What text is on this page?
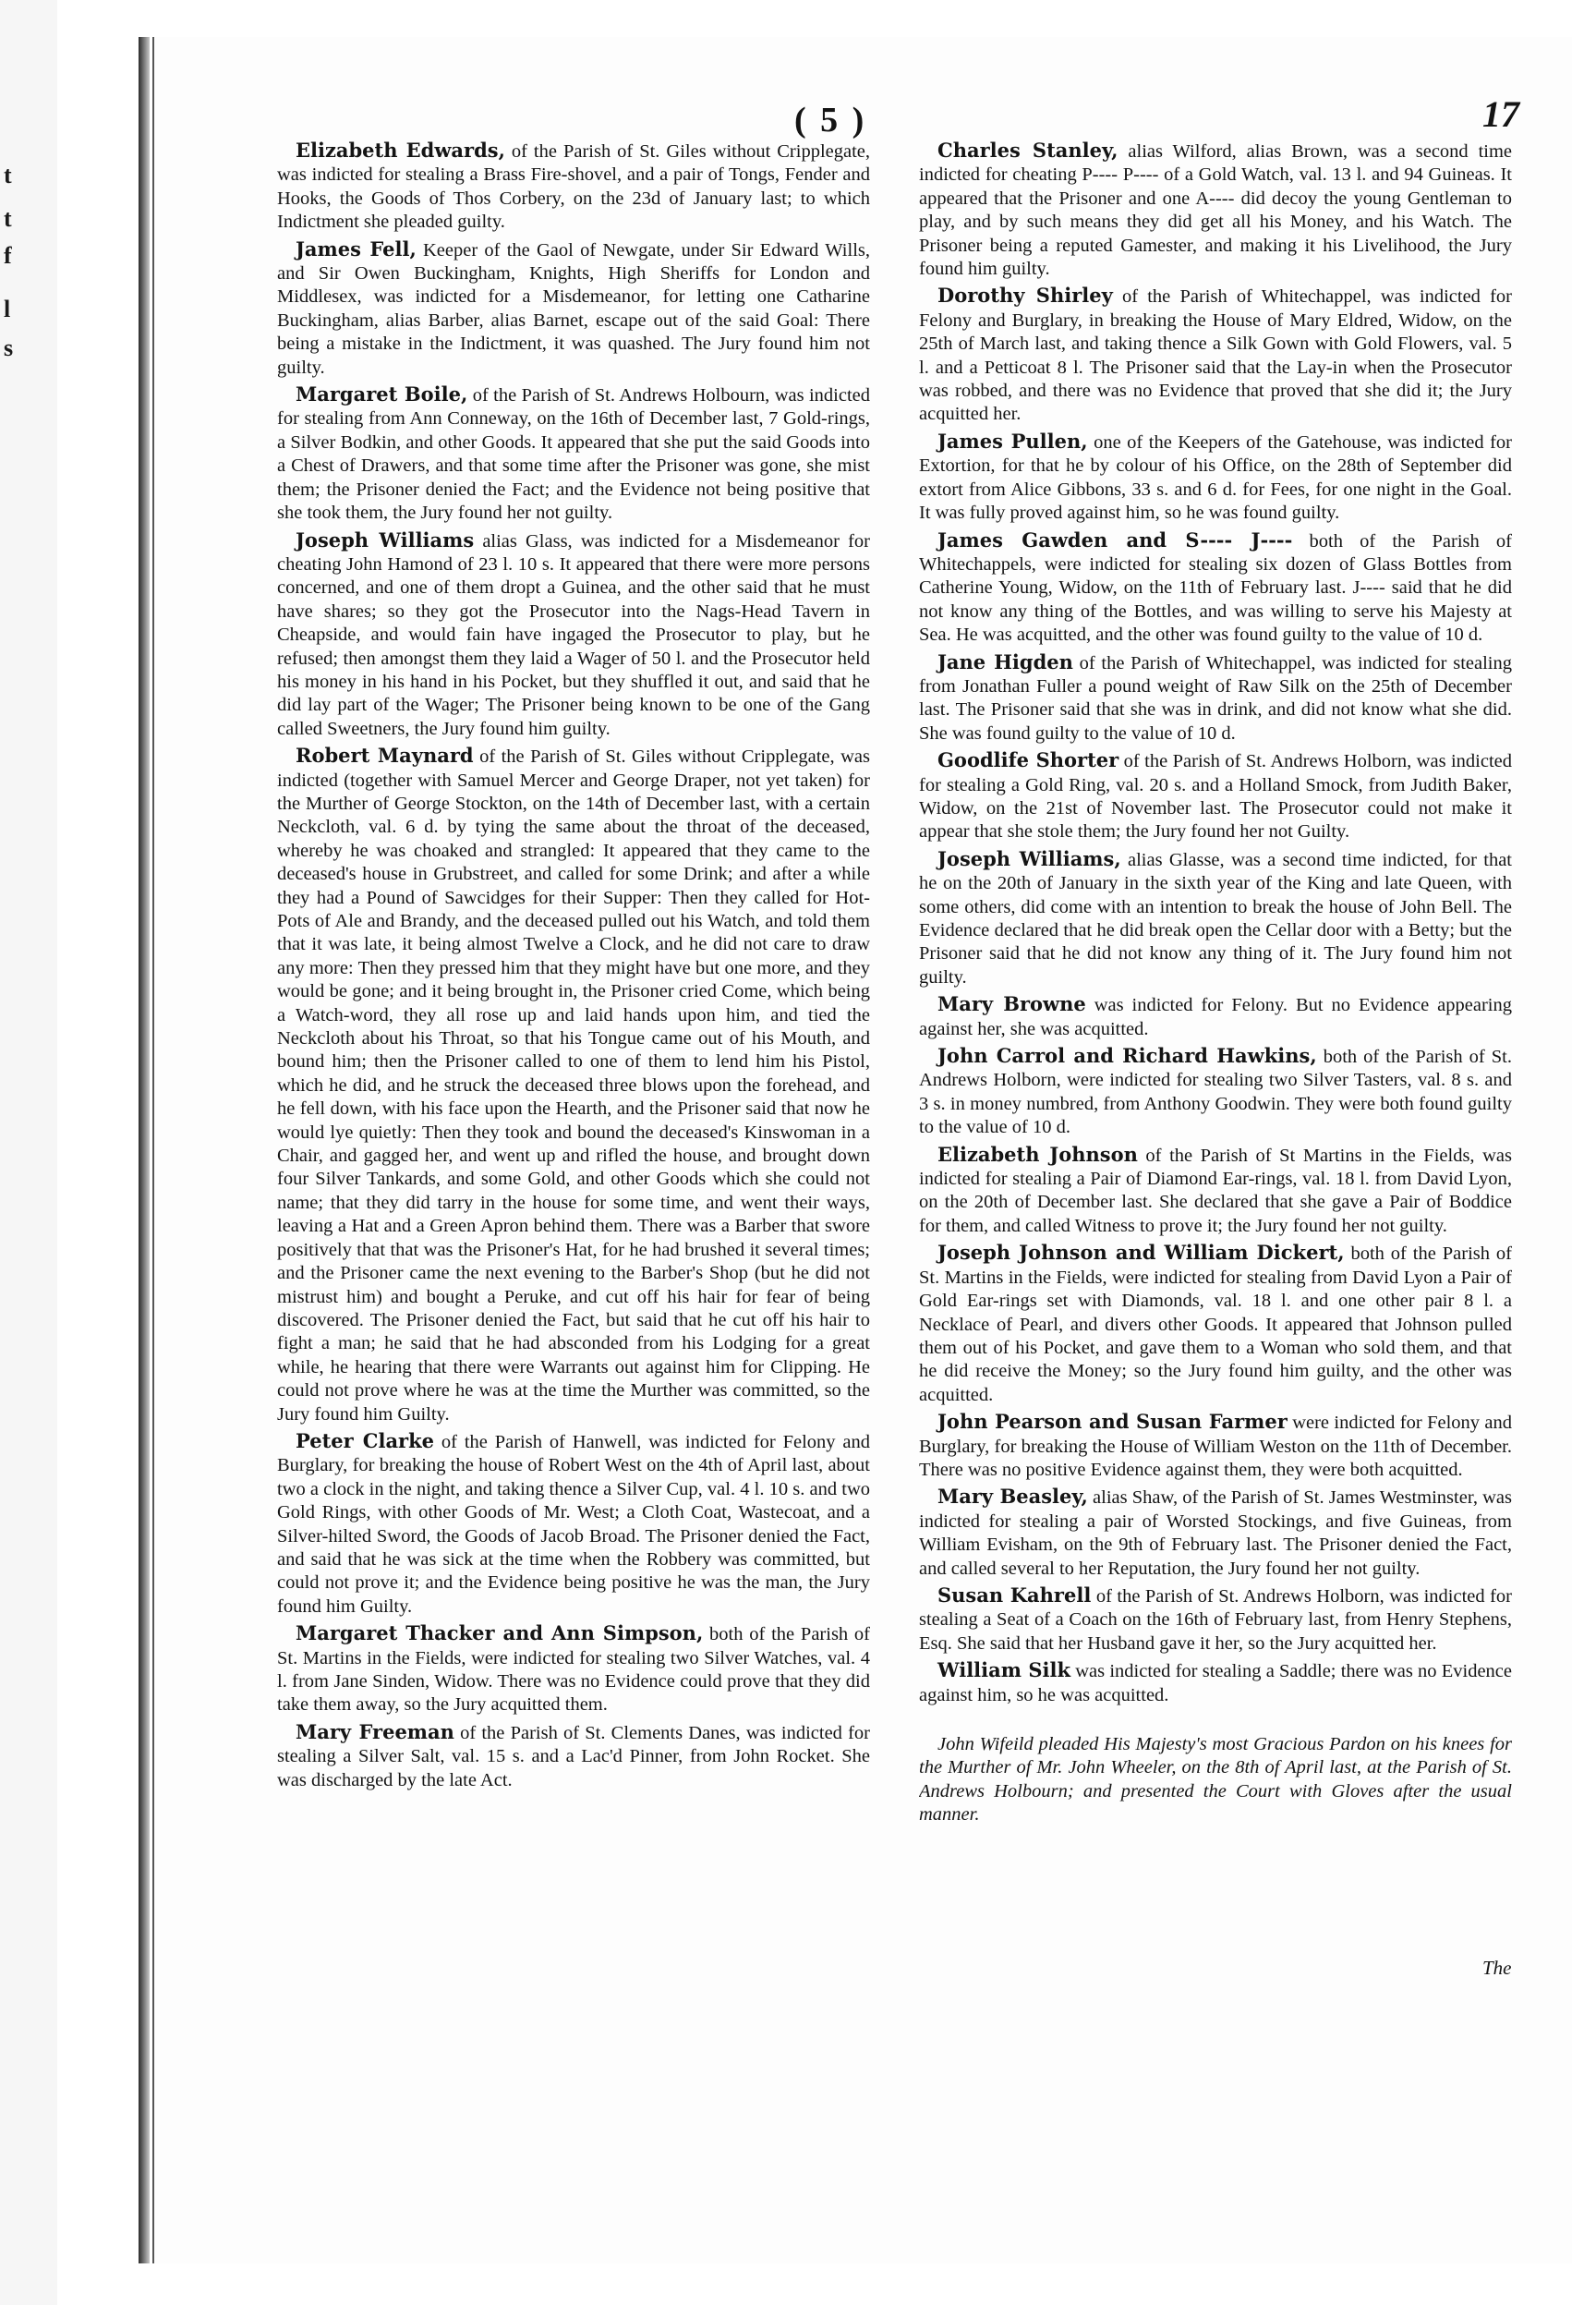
t
t
f
l
s
( 5 )	17

Elizabeth Edwards, of the Parish of St. Giles without Cripplegate, was indicted for stealing a Brass Fire-shovel, and a pair of Tongs, Fender and Hooks, the Goods of Thos Corbery, on the 23d of January last; to which Indictment she pleaded guilty.

James Fell, Keeper of the Gaol of Newgate, under Sir Edward Wills, and Sir Owen Buckingham, Knights, High Sheriffs for London and Middlesex, was indicted for a Misdemeanor, for letting one Catharine Buckingham, alias Barber, alias Barnet, escape out of the said Goal: There being a mistake in the Indictment, it was quashed. The Jury found him not guilty.

Margaret Boile, of the Parish of St. Andrews Holbourn, was indicted for stealing from Ann Conneway, on the 16th of December last, 7 Gold-rings, a Silver Bodkin, and other Goods. It appeared that she put the said Goods into a Chest of Drawers, and that some time after the Prisoner was gone, she mist them; the Prisoner denied the Fact; and the Evidence not being positive that she took them, the Jury found her not guilty.

Joseph Williams alias Glass, was indicted for a Misdemeanor for cheating John Hamond of 23 l. 10 s. It appeared that there were more persons concerned, and one of them dropt a Guinea, and the other said that he must have shares; so they got the Prosecutor into the Nags-Head Tavern in Cheapside, and would fain have ingaged the Prosecutor to play, but he refused; then amongst them they laid a Wager of 50 l. and the Prosecutor held his money in his hand in his Pocket, but they shuffled it out, and said that he did lay part of the Wager; The Prisoner being known to be one of the Gang called Sweetners, the Jury found him guilty.

Robert Maynard of the Parish of St. Giles without Cripplegate, was indicted (together with Samuel Mercer and George Draper, not yet taken) for the Murther of George Stockton, on the 14th of December last, with a certain Neckcloth, val. 6 d. by tying the same about the throat of the deceased, whereby he was choaked and strangled: It appeared that they came to the deceased's house in Grubstreet, and called for some Drink; and after a while they had a Pound of Sawcidges for their Supper: Then they called for Hot-Pots of Ale and Brandy, and the deceased pulled out his Watch, and told them that it was late, it being almost Twelve a Clock, and he did not care to draw any more: Then they pressed him that they might have but one more, and they would be gone; and it being brought in, the Prisoner cried Come, which being a Watch-word, they all rose up and laid hands upon him, and tied the Neckcloth about his Throat, so that his Tongue came out of his Mouth, and bound him; then the Prisoner called to one of them to lend him his Pistol, which he did, and he struck the deceased three blows upon the forehead, and he fell down, with his face upon the Hearth, and the Prisoner said that now he would lye quietly: Then they took and bound the deceased's Kinswoman in a Chair, and gagged her, and went up and rifled the house, and brought down four Silver Tankards, and some Gold, and other Goods which she could not name; that they did tarry in the house for some time, and went their ways, leaving a Hat and a Green Apron behind them. There was a Barber that swore positively that that was the Prisoner's Hat, for he had brushed it several times; and the Prisoner came the next evening to the Barber's Shop (but he did not mistrust him) and bought a Peruke, and cut off his hair for fear of being discovered. The Prisoner denied the Fact, but said that he cut off his hair to fight a man; he said that he had absconded from his Lodging for a great while, he hearing that there were Warrants out against him for Clipping. He could not prove where he was at the time the Murther was committed, so the Jury found him Guilty.

Peter Clarke of the Parish of Hanwell, was indicted for Felony and Burglary, for breaking the house of Robert West on the 4th of April last, about two a clock in the night, and taking thence a Silver Cup, val. 4 l. 10 s. and two Gold Rings, with other Goods of Mr. West; a Cloth Coat, Wastecoat, and a Silver-hilted Sword, the Goods of Jacob Broad. The Prisoner denied the Fact, and said that he was sick at the time when the Robbery was committed, but could not prove it; and the Evidence being positive he was the man, the Jury found him Guilty.

Margaret Thacker and Ann Simpson, both of the Parish of St. Martins in the Fields, were indicted for stealing two Silver Watches, val. 4 l. from Jane Sinden, Widow. There was no Evidence could prove that they did take them away, so the Jury acquitted them.

Mary Freeman of the Parish of St. Clements Danes, was indicted for stealing a Silver Salt, val. 15 s. and a Lac'd Pinner, from John Rocket. She was discharged by the late Act.

Charles Stanley, alias Wilford, alias Brown, was a second time indicted for cheating P---- P---- of a Gold Watch, val. 13 l. and 94 Guineas. It appeared that the Prisoner and one A---- did decoy the young Gentleman to play, and by such means they did get all his Money, and his Watch. The Prisoner being a reputed Gamester, and making it his Livelihood, the Jury found him guilty.

Dorothy Shirley of the Parish of Whitechappel, was indicted for Felony and Burglary, in breaking the House of Mary Eldred, Widow, on the 25th of March last, and taking thence a Silk Gown with Gold Flowers, val. 5 l. and a Petticoat 8 l. The Prisoner said that the Lay-in when the Prosecutor was robbed, and there was no Evidence that proved that she did it; the Jury acquitted her.

James Pullen, one of the Keepers of the Gatehouse, was indicted for Extortion, for that he by colour of his Office, on the 28th of September did extort from Alice Gibbons, 33 s. and 6 d. for Fees, for one night in the Goal. It was fully proved against him, so he was found guilty.

James Gawden and S---- J---- both of the Parish of Whitechappels, were indicted for stealing six dozen of Glass Bottles from Catherine Young, Widow, on the 11th of February last. J---- said that he did not know any thing of the Bottles, and was willing to serve his Majesty at Sea. He was acquitted, and the other was found guilty to the value of 10 d.

Jane Higden of the Parish of Whitechappel, was indicted for stealing from Jonathan Fuller a pound weight of Raw Silk on the 25th of December last. The Prisoner said that she was in drink, and did not know what she did. She was found guilty to the value of 10 d.

Goodlife Shorter of the Parish of St. Andrews Holborn, was indicted for stealing a Gold Ring, val. 20 s. and a Holland Smock, from Judith Baker, Widow, on the 21st of November last. The Prosecutor could not make it appear that she stole them; the Jury found her not Guilty.

Joseph Williams, alias Glasse, was a second time indicted, for that he on the 20th of January in the sixth year of the King and late Queen, with some others, did come with an intention to break the house of John Bell. The Evidence declared that he did break open the Cellar door with a Betty; but the Prisoner said that he did not know any thing of it. The Jury found him not guilty.

Mary Browne was indicted for Felony. But no Evidence appearing against her, she was acquitted.

John Carrol and Richard Hawkins, both of the Parish of St. Andrews Holborn, were indicted for stealing two Silver Tasters, val. 8 s. and 3 s. in money numbred, from Anthony Goodwin. They were both found guilty to the value of 10 d.

Elizabeth Johnson of the Parish of St Martins in the Fields, was indicted for stealing a Pair of Diamond Ear-rings, val. 18 l. from David Lyon, on the 20th of December last. She declared that she gave a Pair of Boddice for them, and called Witness to prove it; the Jury found her not guilty.

Joseph Johnson and William Dickert, both of the Parish of St. Martins in the Fields, were indicted for stealing from David Lyon a Pair of Gold Ear-rings set with Diamonds, val. 18 l. and one other pair 8 l. a Necklace of Pearl, and divers other Goods. It appeared that Johnson pulled them out of his Pocket, and gave them to a Woman who sold them, and that he did receive the Money; so the Jury found him guilty, and the other was acquitted.

John Pearson and Susan Farmer were indicted for Felony and Burglary, for breaking the House of William Weston on the 11th of December. There was no positive Evidence against them, they were both acquitted.

Mary Beasley, alias Shaw, of the Parish of St. James Westminster, was indicted for stealing a pair of Worsted Stockings, and five Guineas, from William Evisham, on the 9th of February last. The Prisoner denied the Fact, and called several to her Reputation, the Jury found her not guilty.

Susan Kahrell of the Parish of St. Andrews Holborn, was indicted for stealing a Seat of a Coach on the 16th of February last, from Henry Stephens, Esq. She said that her Husband gave it her, so the Jury acquitted her.

William Silk was indicted for stealing a Saddle; there was no Evidence against him, so he was acquitted.

John Wifeild pleaded His Majesty's most Gracious Pardon on his knees for the Murther of Mr. John Wheeler, on the 8th of April last, at the Parish of St. Andrews Holbourn; and presented the Court with Gloves after the usual manner.

The
